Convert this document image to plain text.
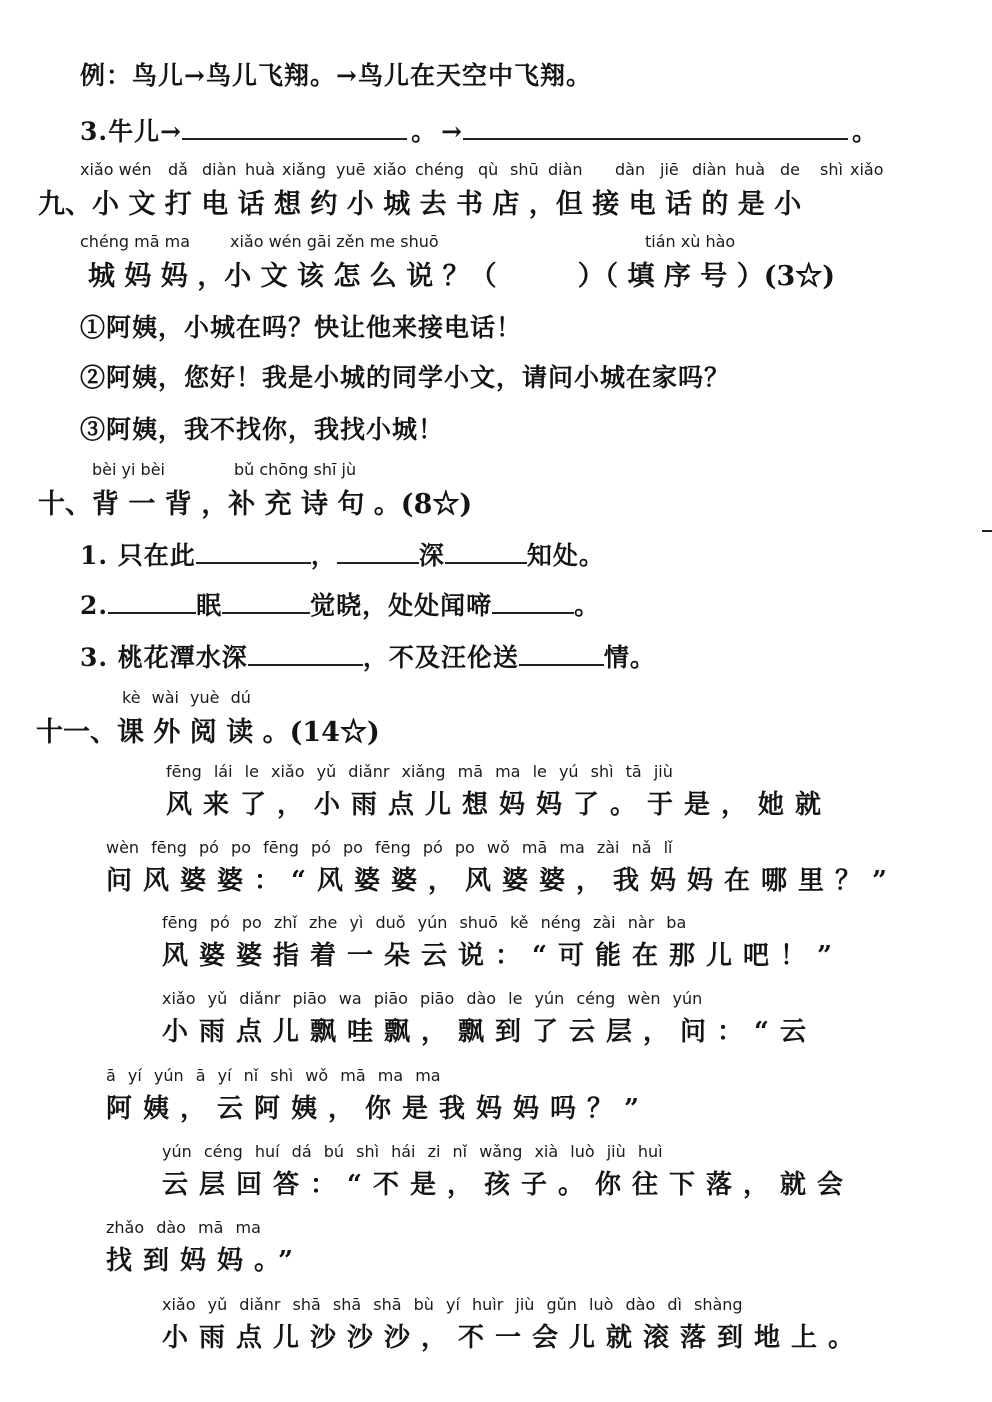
例：鸟儿→鸟儿飞翔。→鸟儿在天空中飞翔。
3.牛儿→	。 →	。
xiǎo wén dǎ diàn huà xiǎng yuē xiǎo chéng qù shū diàn dàn jiē diàn huà de shì xiǎo
九、小 文 打 电 话 想 约 小 城 去 书 店 ，但 接 电 话 的 是 小
chéng mā ma xiǎo wén gāi zěn me shuō	tián xù hào
城 妈 妈 ，小 文 该 怎 么 说 ？（　　　）（ 填 序 号 ）(3☆)
①阿姨，小城在吗？快让他来接电话！
②阿姨，您好！我是小城的同学小文，请问小城在家吗？
③阿姨，我不找你，我找小城！
bèi yi bèi	bǔ chōng shī jù
十、背 一 背 ，补 充 诗 句 。(8☆)
1. 只在此	，	深	知处。
2.	眠	觉晓，处处闻啼	。
3. 桃花潭水深	，不及汪伦送	情。
kè wài yuè dú
十一、课 外 阅 读 。(14☆)
fēng lái le xiǎo yǔ diǎnr xiǎng mā ma le yú shì tā jiù
风来了，小雨点儿想妈妈了。于是，她就
wèn fēng pó po fēng pó po fēng pó po wǒ mā ma zài nǎ lǐ
问风婆婆：“风婆婆，风婆婆，我妈妈在哪里？”
fēng pó po zhǐ zhe yì duǒ yún shuō kě néng zài nàr ba
风婆婆指着一朵云说：“可能在那儿吧！”
xiǎo yǔ diǎnr piāo wa piāo piāo dào le yún céng wèn yún
小雨点儿飘哇飘，飘到了云层，问：“云
ā yí yún ā yí nǐ shì wǒ mā ma ma
阿姨，云阿姨，你是我妈妈吗？”
yún céng huí dá bú shì hái zi nǐ wǎng xià luò jiù huì
云层回答：“不是，孩子。你往下落，就会
zhǎo dào mā ma
找到妈妈。”
xiǎo yǔ diǎnr shā shā shā bù yí huìr jiù gǔn luò dào dì shàng
小雨点儿沙沙沙，不一会儿就滚落到地上。
